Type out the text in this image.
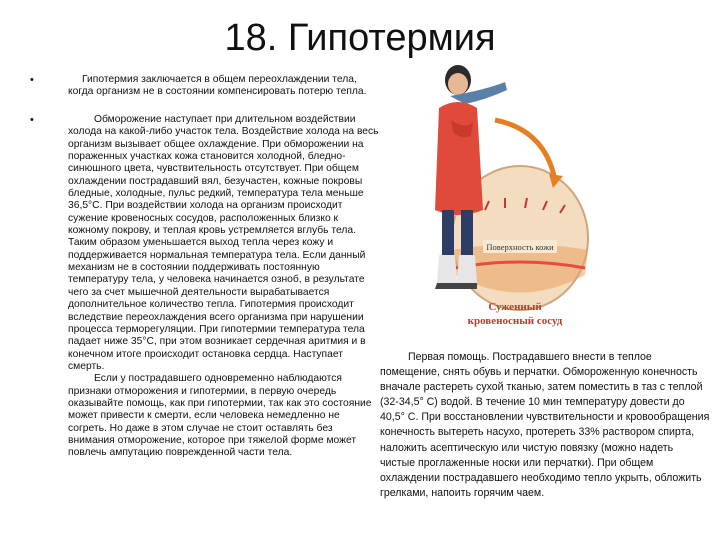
18. Гипотермия
•	Гипотермия заключается в общем переохлаждении тела, когда организм не в состоянии компенсировать потерю тепла.
•	Обморожение наступает при длительном воздействии холода на какой-либо участок тела. Воздействие холода на весь организм вызывает общее охлаждение. При обморожении на пораженных участках кожа становится холодной, бледно-синюшного цвета, чувствительность отсутствует. При общем охлаждении пострадавший вял, безучастен, кожные покровы бледные, холодные, пульс редкий, температура тела меньше 36,5°С. При воздействии холода на организм происходит сужение кровеносных сосудов, расположенных близко к кожному покрову, и теплая кровь устремляется вглубь тела. Таким образом уменьшается выход тепла через кожу и поддерживается нормальная температура тела. Если данный механизм не в состоянии поддерживать постоянную температуру тела, у человека начинается озноб, в результате чего за счет мышечной деятельности вырабатывается дополнительное количество тепла. Гипотермия происходит вследствие переохлаждения всего организма при нарушении процесса терморегуляции. При гипотермии температура тела падает ниже 35°С, при этом возникает сердечная аритмия и в конечном итоге происходит остановка сердца. Наступает смерть.
Если у пострадавшего одновременно наблюдаются признаки отморожения и гипотермии, в первую очередь оказывайте помощь, как при гипотермии, так как это состояние может привести к смерти, если человека немедленно не согреть. Но даже в этом случае не стоит оставлять без внимания отморожение, которое при тяжелой форме может повлечь ампутацию поврежденной части тела.
Поверхность кожи
Суженный
кровеносный сосуд
Первая помощь. Пострадавшего внести в теплое помещение, снять обувь и перчатки. Обмороженную конечность вначале растереть сухой тканью, затем поместить в таз с теплой (32-34,5° С) водой. В течение 10 мин температуру довести до 40,5° С. При восстановлении чувствительности и кровообращения конечность вытереть насухо, протереть 33% раствором спирта, наложить асептическую или чистую повязку (можно надеть чистые проглаженные носки или перчатки). При общем охлаждении пострадавшего необходимо тепло укрыть, обложить грелками, напоить горячим чаем.
